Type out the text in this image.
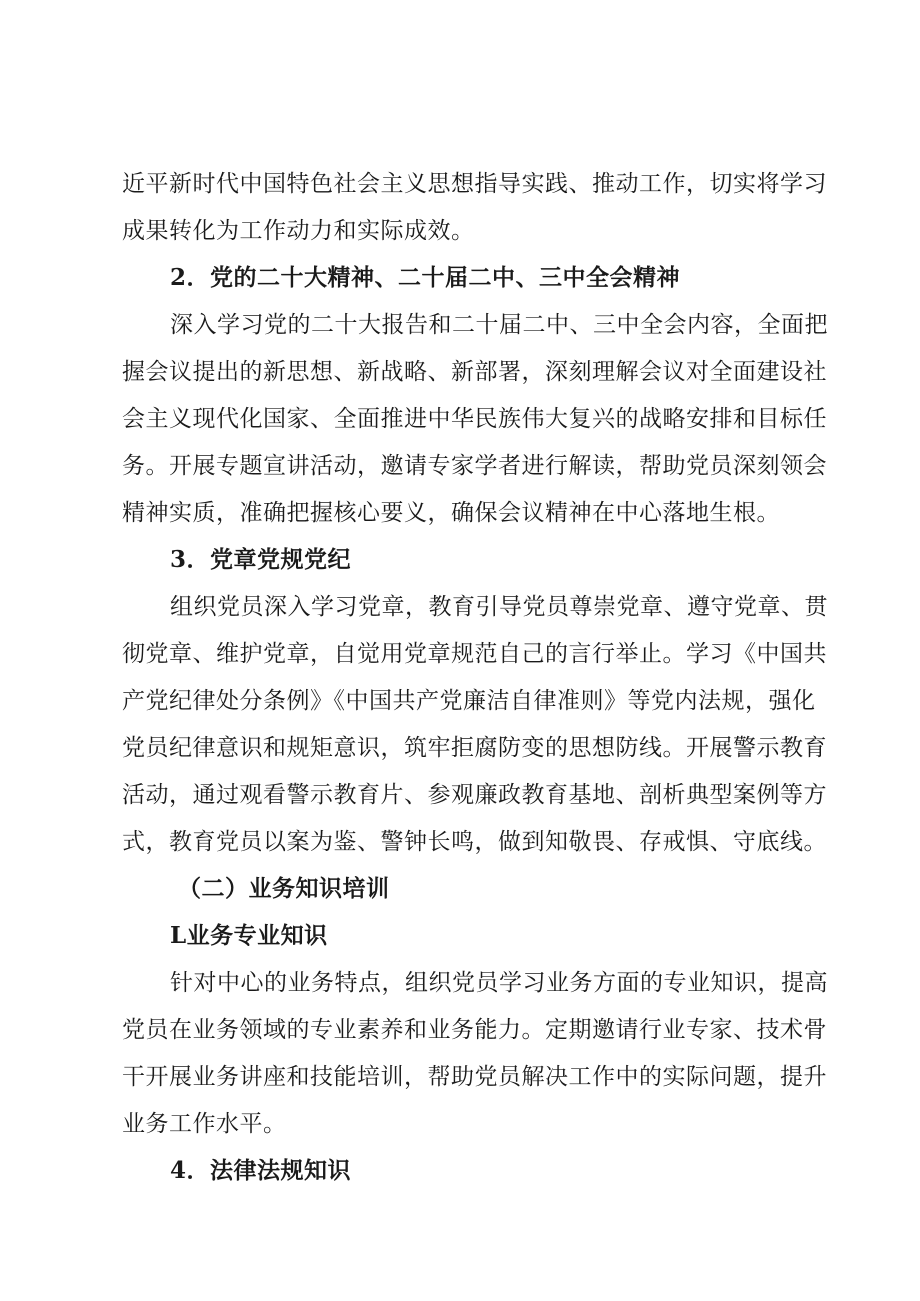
近平新时代中国特色社会主义思想指导实践、推动工作，切实将学习
成果转化为工作动力和实际成效。
2．党的二十大精神、二十届二中、三中全会精神
深入学习党的二十大报告和二十届二中、三中全会内容，全面把
握会议提出的新思想、新战略、新部署，深刻理解会议对全面建设社
会主义现代化国家、全面推进中华民族伟大复兴的战略安排和目标任
务。开展专题宣讲活动，邀请专家学者进行解读，帮助党员深刻领会
精神实质，准确把握核心要义，确保会议精神在中心落地生根。
3．党章党规党纪
组织党员深入学习党章，教育引导党员尊崇党章、遵守党章、贯
彻党章、维护党章，自觉用党章规范自己的言行举止。学习《中国共
产党纪律处分条例》《中国共产党廉洁自律准则》等党内法规，强化
党员纪律意识和规矩意识，筑牢拒腐防变的思想防线。开展警示教育
活动，通过观看警示教育片、参观廉政教育基地、剖析典型案例等方
式，教育党员以案为鉴、警钟长鸣，做到知敬畏、存戒惧、守底线。
（二）业务知识培训
L业务专业知识
针对中心的业务特点，组织党员学习业务方面的专业知识，提高
党员在业务领域的专业素养和业务能力。定期邀请行业专家、技术骨
干开展业务讲座和技能培训，帮助党员解决工作中的实际问题，提升
业务工作水平。
4．法律法规知识
